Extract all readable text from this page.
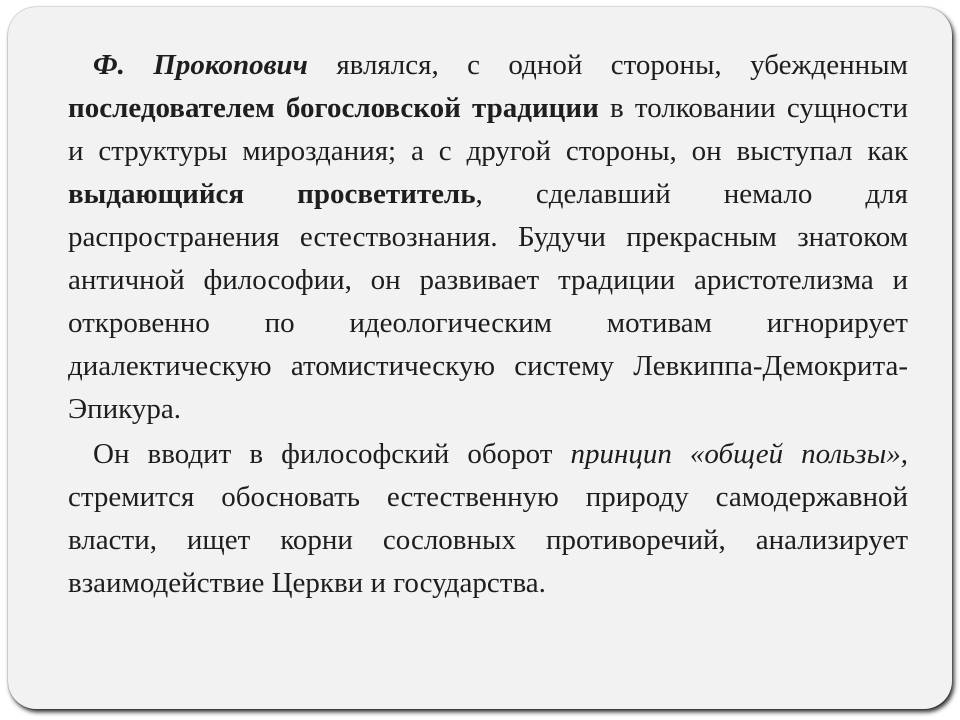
Ф. Прокопович являлся, с одной стороны, убежденным последователем богословской традиции в толковании сущности и структуры мироздания; а с другой стороны, он выступал как выдающийся просветитель, сделавший немало для распространения естествознания. Будучи прекрасным знатоком античной философии, он развивает традиции аристотелизма и откровенно по идеологическим мотивам игнорирует диалектическую атомистическую систему Левкиппа-Демокрита-Эпикура.

Он вводит в философский оборот принцип «общей пользы», стремится обосновать естественную природу самодержавной власти, ищет корни сословных противоречий, анализирует взаимодействие Церкви и государства.
